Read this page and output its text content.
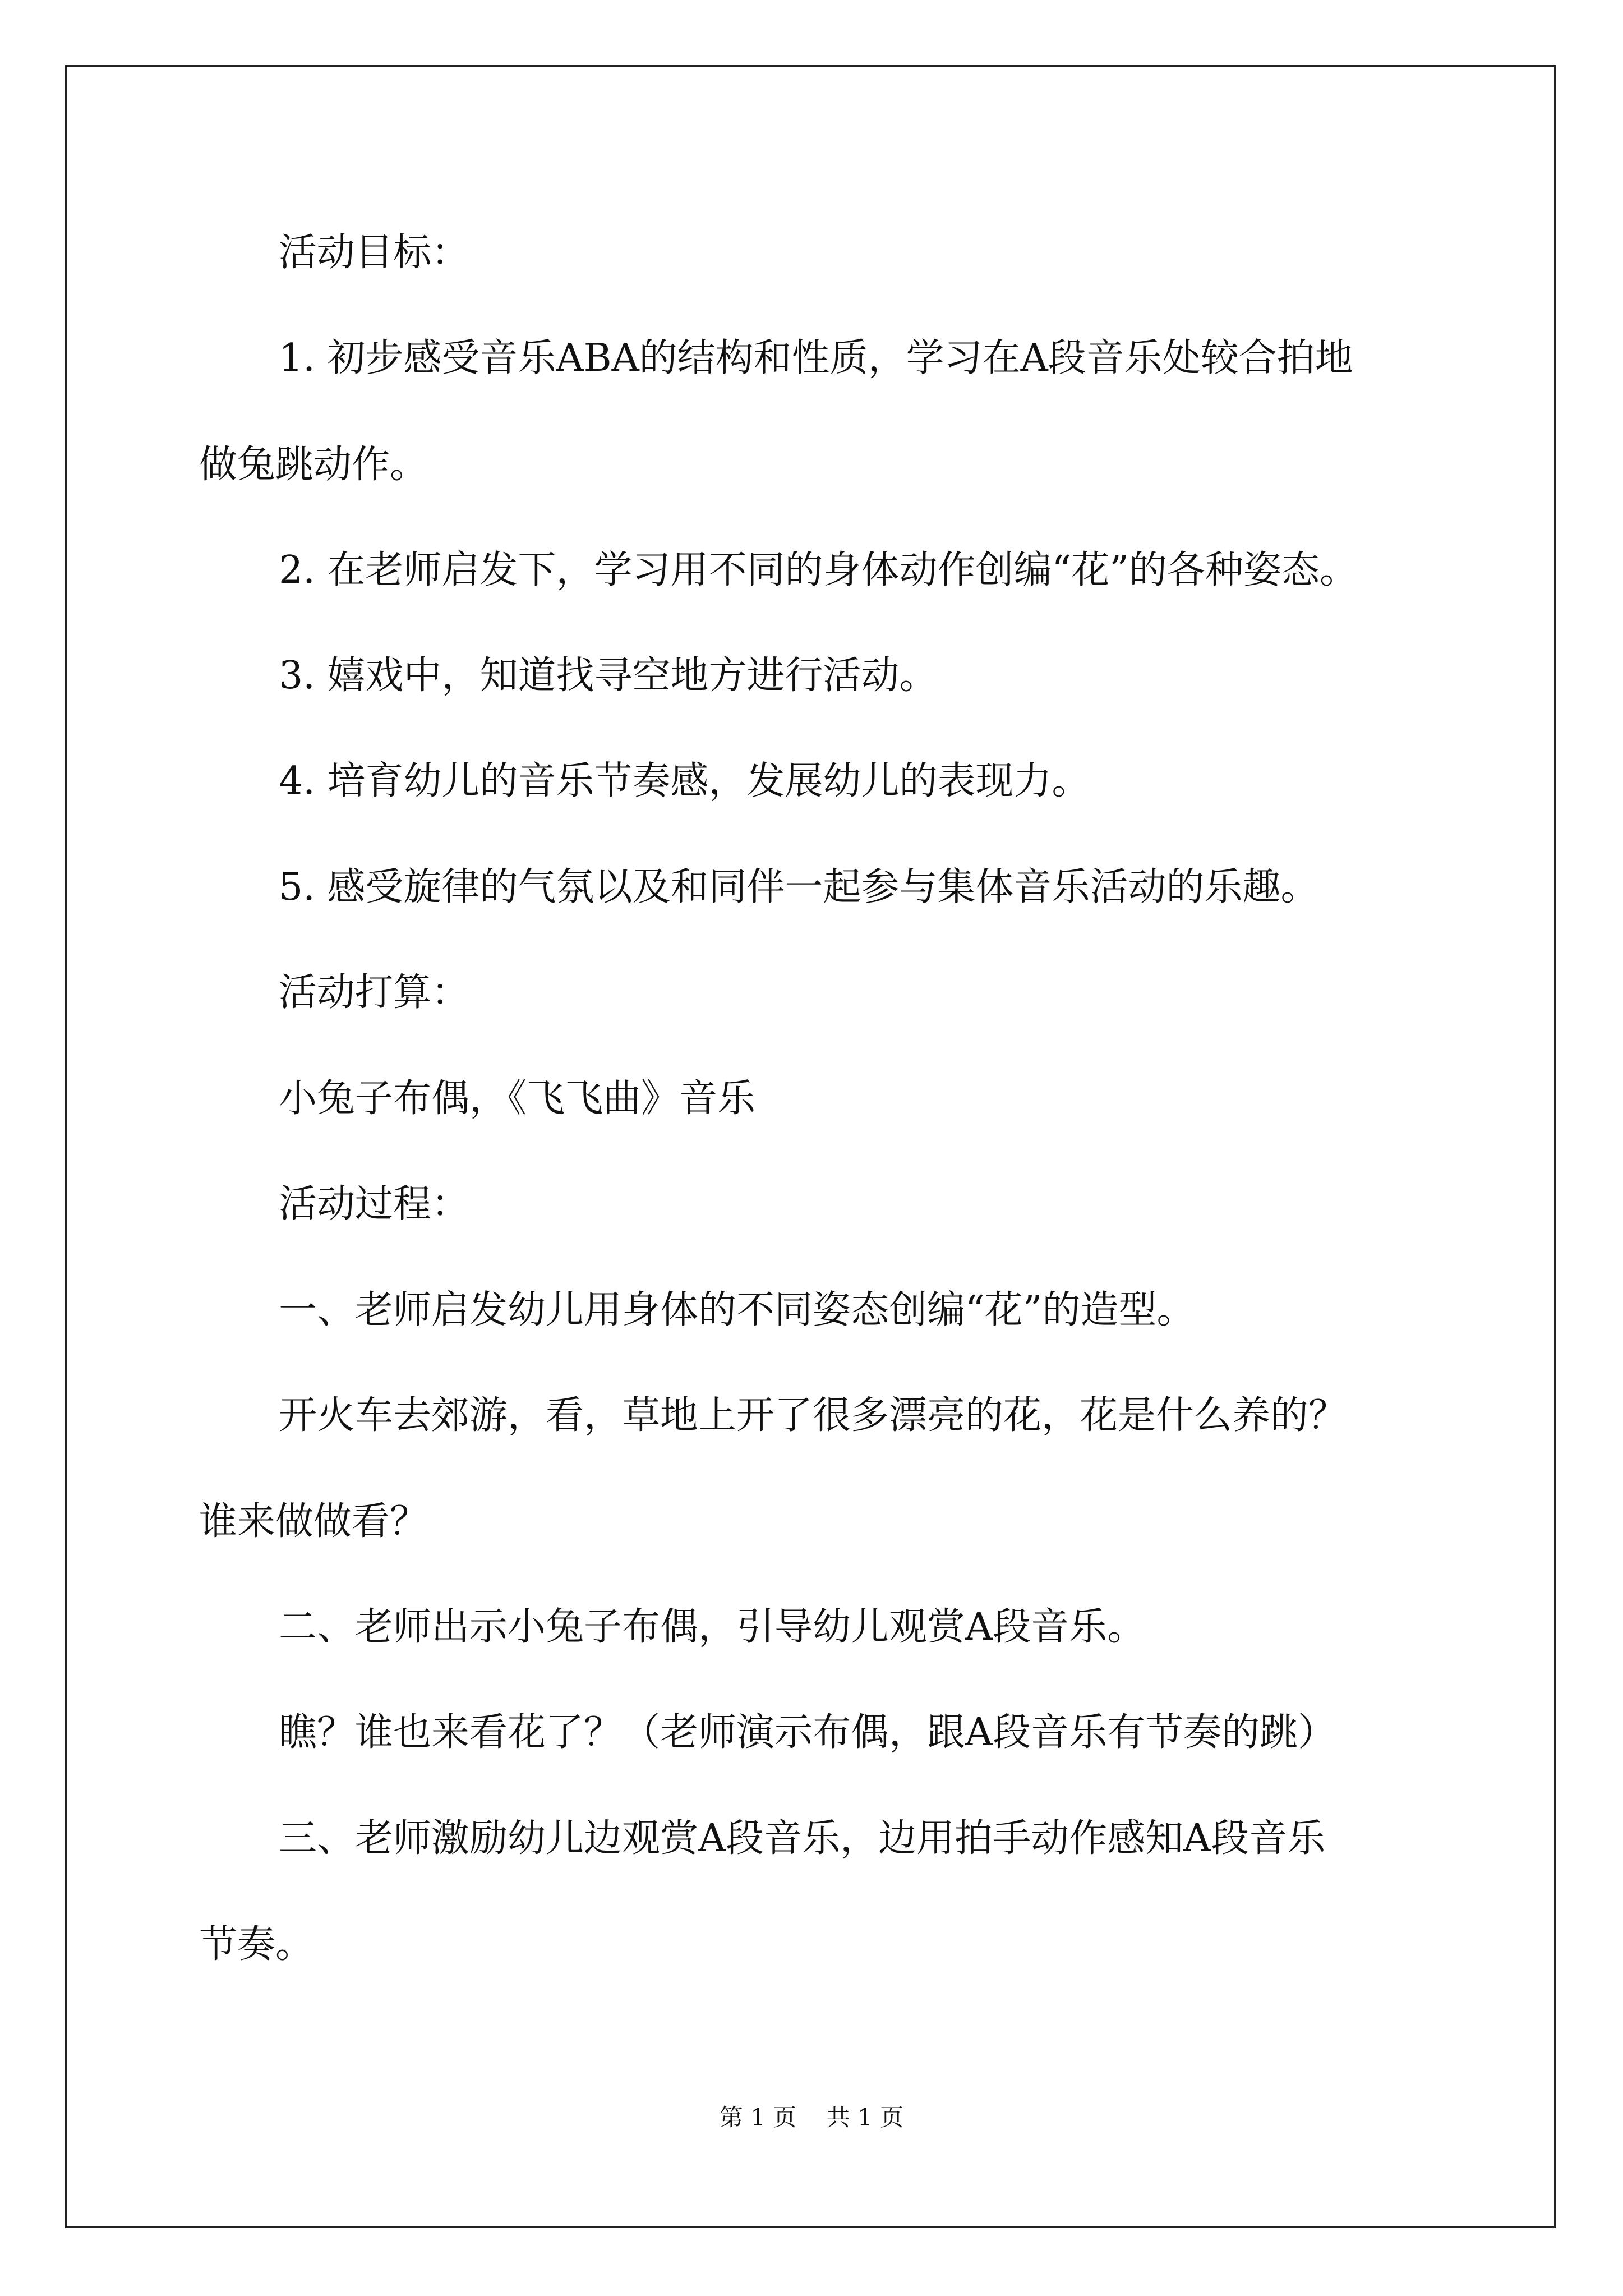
活动目标：
1. 初步感受音乐ABA的结构和性质，学习在A段音乐处较合拍地
做兔跳动作。
2. 在老师启发下，学习用不同的身体动作创编“花”的各种姿态。
3. 嬉戏中，知道找寻空地方进行活动。
4. 培育幼儿的音乐节奏感，发展幼儿的表现力。
5. 感受旋律的气氛以及和同伴一起参与集体音乐活动的乐趣。
活动打算：
小兔子布偶，《飞飞曲》音乐
活动过程：
一、老师启发幼儿用身体的不同姿态创编“花”的造型。
开火车去郊游，看，草地上开了很多漂亮的花，花是什么养的？
谁来做做看？
二、老师出示小兔子布偶，引导幼儿观赏A段音乐。
瞧？谁也来看花了？（老师演示布偶，跟A段音乐有节奏的跳）
三、老师激励幼儿边观赏A段音乐，边用拍手动作感知A段音乐
节奏。
第 1 页    共 1 页
